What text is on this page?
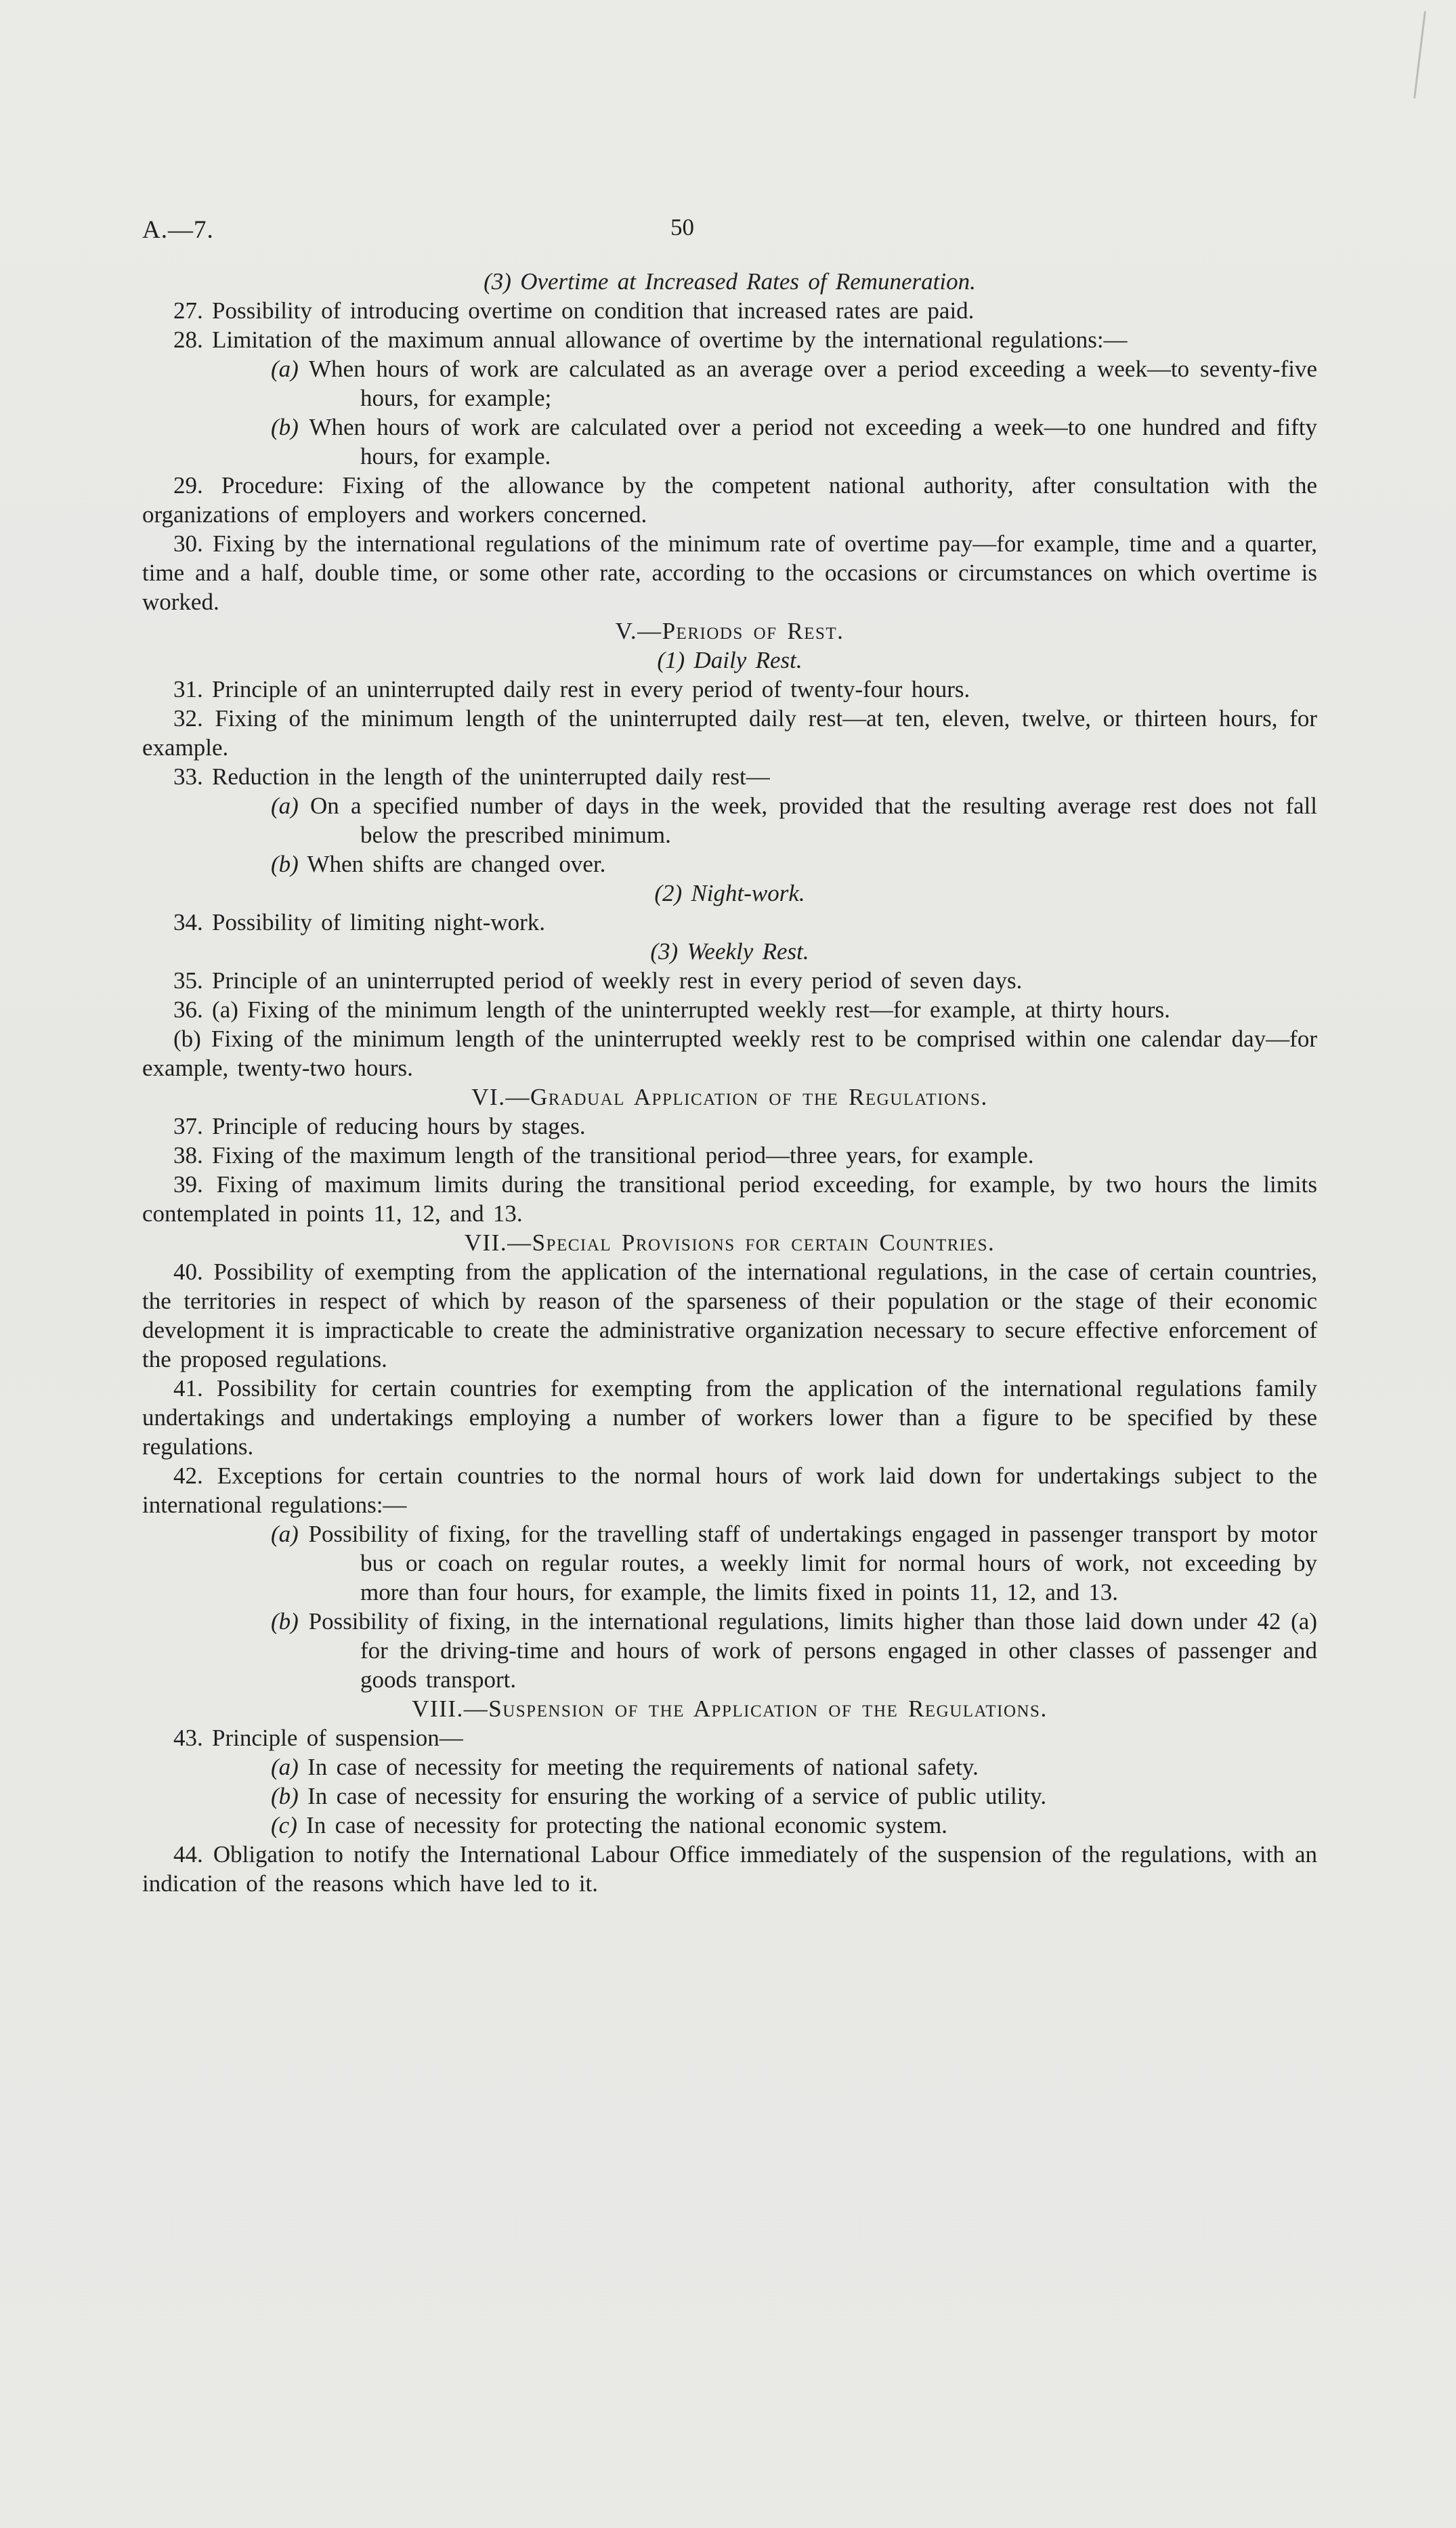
A.—7.	50

(3) Overtime at Increased Rates of Remuneration.

27. Possibility of introducing overtime on condition that increased rates are paid.

28. Limitation of the maximum annual allowance of overtime by the international regulations:—

(a) When hours of work are calculated as an average over a period exceeding a week—to seventy-five hours, for example;

(b) When hours of work are calculated over a period not exceeding a week—to one hundred and fifty hours, for example.

29. Procedure: Fixing of the allowance by the competent national authority, after consultation with the organizations of employers and workers concerned.

30. Fixing by the international regulations of the minimum rate of overtime pay—for example, time and a quarter, time and a half, double time, or some other rate, according to the occasions or circumstances on which overtime is worked.

V.—Periods of Rest.

(1) Daily Rest.

31. Principle of an uninterrupted daily rest in every period of twenty-four hours.

32. Fixing of the minimum length of the uninterrupted daily rest—at ten, eleven, twelve, or thirteen hours, for example.

33. Reduction in the length of the uninterrupted daily rest—

(a) On a specified number of days in the week, provided that the resulting average rest does not fall below the prescribed minimum.

(b) When shifts are changed over.

(2) Night-work.

34. Possibility of limiting night-work.

(3) Weekly Rest.

35. Principle of an uninterrupted period of weekly rest in every period of seven days.

36. (a) Fixing of the minimum length of the uninterrupted weekly rest—for example, at thirty hours.

(b) Fixing of the minimum length of the uninterrupted weekly rest to be comprised within one calendar day—for example, twenty-two hours.

VI.—Gradual Application of the Regulations.

37. Principle of reducing hours by stages.

38. Fixing of the maximum length of the transitional period—three years, for example.

39. Fixing of maximum limits during the transitional period exceeding, for example, by two hours the limits contemplated in points 11, 12, and 13.

VII.—Special Provisions for certain Countries.

40. Possibility of exempting from the application of the international regulations, in the case of certain countries, the territories in respect of which by reason of the sparseness of their population or the stage of their economic development it is impracticable to create the administrative organization necessary to secure effective enforcement of the proposed regulations.

41. Possibility for certain countries for exempting from the application of the international regulations family undertakings and undertakings employing a number of workers lower than a figure to be specified by these regulations.

42. Exceptions for certain countries to the normal hours of work laid down for undertakings subject to the international regulations:—

(a) Possibility of fixing, for the travelling staff of undertakings engaged in passenger transport by motor bus or coach on regular routes, a weekly limit for normal hours of work, not exceeding by more than four hours, for example, the limits fixed in points 11, 12, and 13.

(b) Possibility of fixing, in the international regulations, limits higher than those laid down under 42 (a) for the driving-time and hours of work of persons engaged in other classes of passenger and goods transport.

VIII.—Suspension of the Application of the Regulations.

43. Principle of suspension—

(a) In case of necessity for meeting the requirements of national safety.

(b) In case of necessity for ensuring the working of a service of public utility.

(c) In case of necessity for protecting the national economic system.

44. Obligation to notify the International Labour Office immediately of the suspension of the regulations, with an indication of the reasons which have led to it.
